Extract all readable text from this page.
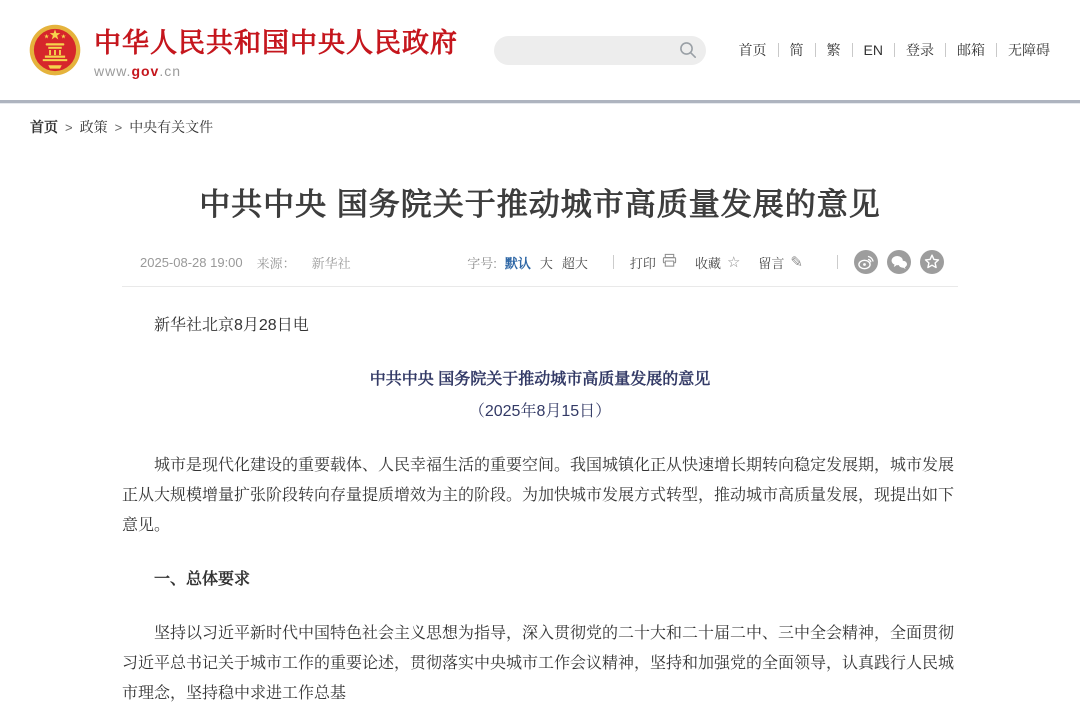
中华人民共和国中央人民政府
www.gov.cn
首页	简	繁	EN	登录	邮箱	无障碍
首页 > 政策 > 中央有关文件
中共中央 国务院关于推动城市高质量发展的意见
2025-08-28 19:00 来源： 新华社	字号: 默认 大 超大	打印	收藏 ☆ 留言 ✎

新华社北京8月28日电

中共中央 国务院关于推动城市高质量发展的意见

（2025年8月15日）

城市是现代化建设的重要载体、人民幸福生活的重要空间。我国城镇化正从快速增长期转向稳定发展期，城市发展正从大规模增量扩张阶段转向存量提质增效为主的阶段。为加快城市发展方式转型，推动城市高质量发展，现提出如下意见。

一、总体要求

坚持以习近平新时代中国特色社会主义思想为指导，深入贯彻党的二十大和二十届二中、三中全会精神，全面贯彻习近平总书记关于城市工作的重要论述，贯彻落实中央城市工作会议精神，坚持和加强党的全面领导，认真践行人民城市理念，坚持稳中求进工作总基
